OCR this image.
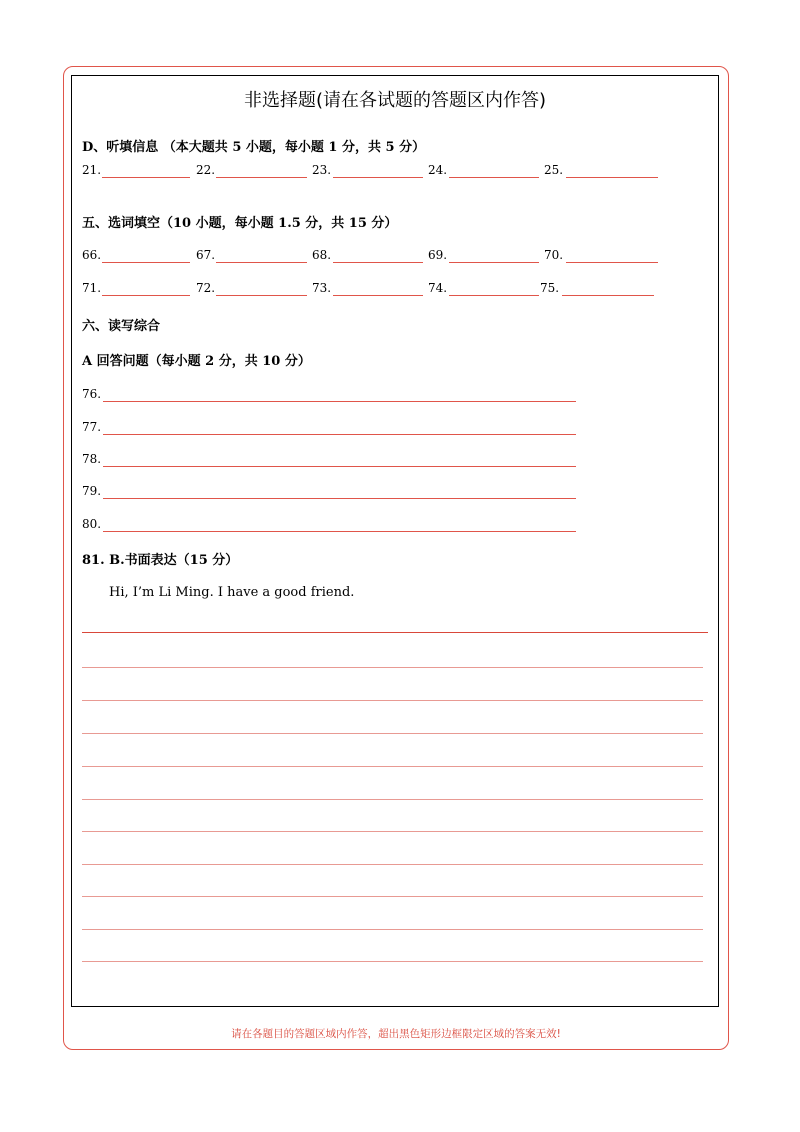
非选择题(请在各试题的答题区内作答)
D、听填信息 （本大题共 5 小题，每小题 1 分，共 5 分）
21.	22.	23.	24.	25.
五、选词填空（10 小题，每小题 1.5 分，共 15 分）
66.	67.	68.	69.	70.
71.	72.	73.	74.	75.
六、读写综合
A 回答问题（每小题 2 分，共 10 分）
76.
77.
78.
79.
80.
81. B.书面表达（15 分）
Hi, I’m Li Ming. I have a good friend.
请在各题目的答题区域内作答，超出黑色矩形边框限定区域的答案无效!
